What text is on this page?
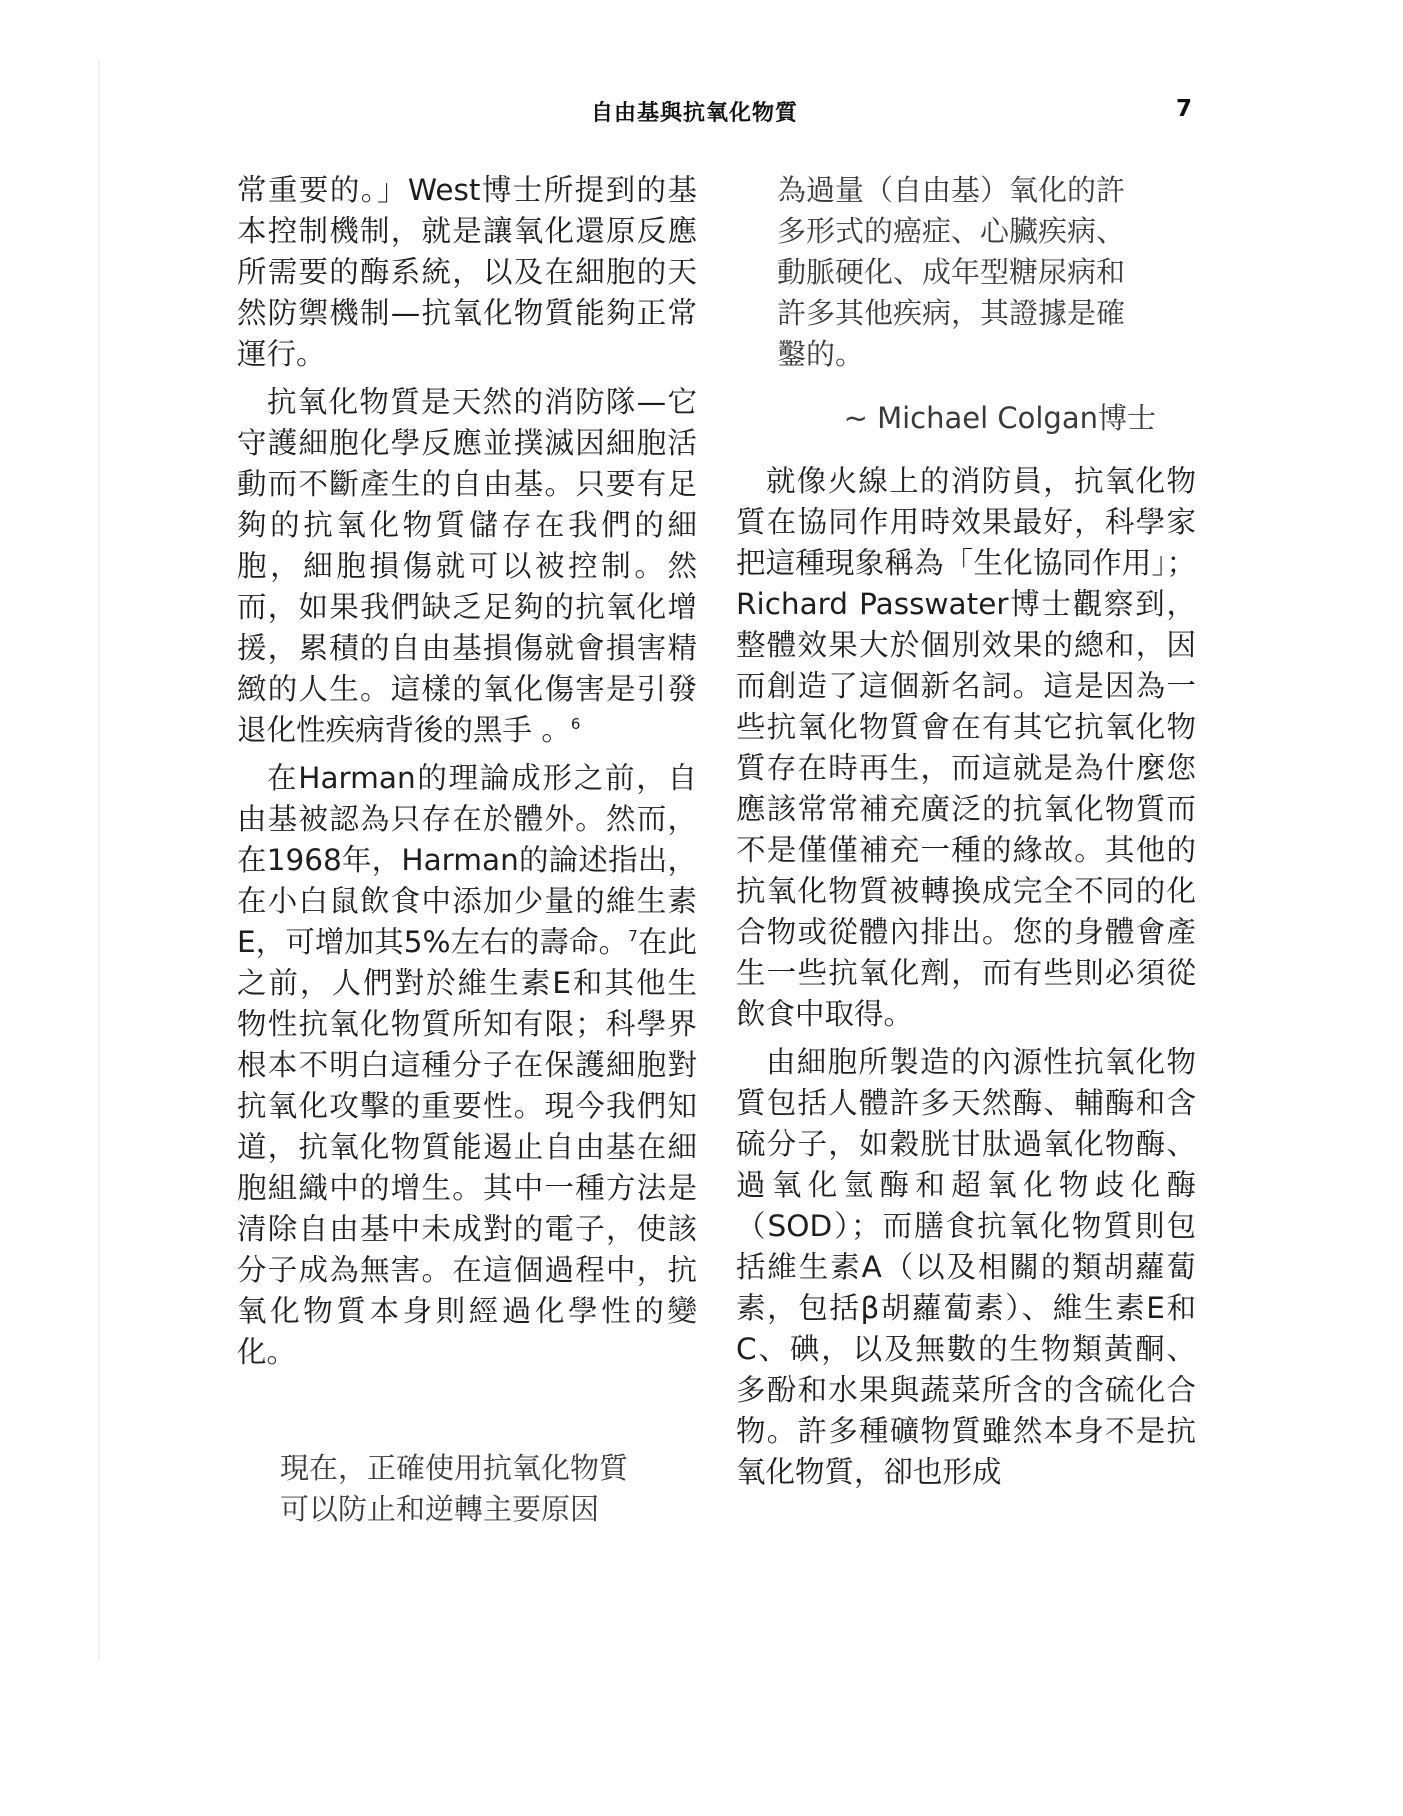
自由基與抗氧化物質	7

常重要的。」West博士所提到的基本控制機制，就是讓氧化還原反應所需要的酶系統，以及在細胞的天然防禦機制—抗氧化物質能夠正常運行。

抗氧化物質是天然的消防隊—它守護細胞化學反應並撲滅因細胞活動而不斷產生的自由基。只要有足夠的抗氧化物質儲存在我們的細胞，細胞損傷就可以被控制。然而，如果我們缺乏足夠的抗氧化增援，累積的自由基損傷就會損害精緻的人生。這樣的氧化傷害是引發退化性疾病背後的黑手 。$^6$

在Harman的理論成形之前，自由基被認為只存在於體外。然而，在1968年，Harman的論述指出，在小白鼠飲食中添加少量的維生素E，可增加其5%左右的壽命。$^7$在此之前，人們對於維生素E和其他生物性抗氧化物質所知有限；科學界根本不明白這種分子在保護細胞對抗氧化攻擊的重要性。現今我們知道，抗氧化物質能遏止自由基在細胞組織中的增生。其中一種方法是清除自由基中未成對的電子，使該分子成為無害。在這個過程中，抗氧化物質本身則經過化學性的變化。

現在，正確使用抗氧化物質
可以防止和逆轉主要原因
為過量（自由基）氧化的許
多形式的癌症、心臟疾病、
動脈硬化、成年型糖尿病和
許多其他疾病，其證據是確
鑿的。
~ Michael Colgan博士

就像火線上的消防員，抗氧化物質在協同作用時效果最好，科學家把這種現象稱為「生化協同作用」；Richard Passwater博士觀察到，整體效果大於個別效果的總和，因而創造了這個新名詞。這是因為一些抗氧化物質會在有其它抗氧化物質存在時再生，而這就是為什麼您應該常常補充廣泛的抗氧化物質而不是僅僅補充一種的緣故。其他的抗氧化物質被轉換成完全不同的化合物或從體內排出。您的身體會產生一些抗氧化劑，而有些則必須從飲食中取得。

由細胞所製造的內源性抗氧化物質包括人體許多天然酶、輔酶和含硫分子，如穀胱甘肽過氧化物酶、過氧化氫酶和超氧化物歧化酶（SOD）；而膳食抗氧化物質則包括維生素A（以及相關的類胡蘿蔔素，包括β胡蘿蔔素）、維生素E和C、碘，以及無數的生物類黃酮、多酚和水果與蔬菜所含的含硫化合物。許多種礦物質雖然本身不是抗氧化物質，卻也形成
